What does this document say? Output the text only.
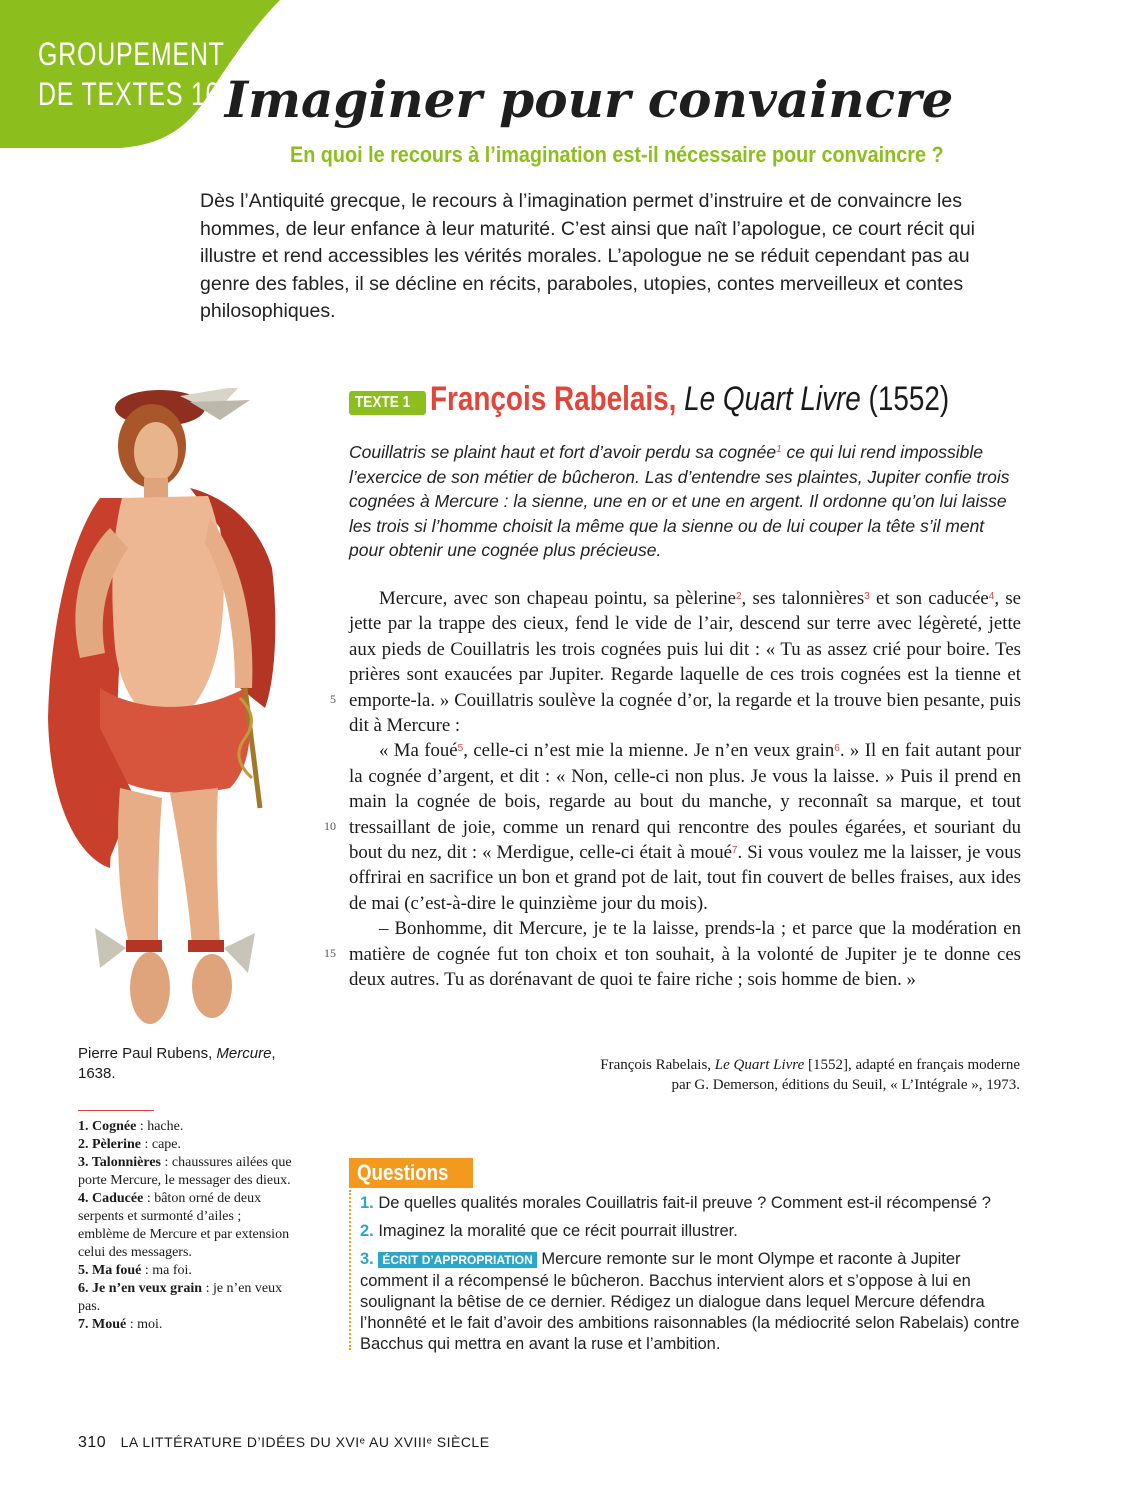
GROUPEMENT
DE TEXTES 10 Imaginer pour convaincre
En quoi le recours à l’imagination est-il nécessaire pour convaincre ?
Dès l’Antiquité grecque, le recours à l’imagination permet d’instruire et de convaincre les hommes, de leur enfance à leur maturité. C’est ainsi que naît l’apologue, ce court récit qui illustre et rend accessibles les vérités morales. L’apologue ne se réduit cependant pas au genre des fables, il se décline en récits, paraboles, utopies, contes merveilleux et contes philosophiques.
Pierre Paul Rubens, Mercure, 1638.

1. Cognée : hache.

2. Pèlerine : cape.

3. Talonnières : chaussures ailées que porte Mercure, le messager des dieux.

4. Caducée : bâton orné de deux serpents et surmonté d’ailes ; emblème de Mercure et par extension celui des messagers.

5. Ma foué : ma foi.

6. Je n’en veux grain : je n’en veux pas.

7. Moué : moi.

TEXTE 1 François Rabelais, Le Quart Livre (1552)
Couillatris se plaint haut et fort d’avoir perdu sa cognée$^1$ ce qui lui rend impossible l’exercice de son métier de bûcheron. Las d’entendre ses plaintes, Jupiter confie trois cognées à Mercure : la sienne, une en or et une en argent. Il ordonne qu’on lui laisse les trois si l’homme choisit la même que la sienne ou de lui couper la tête s’il ment pour obtenir une cognée plus précieuse.

Mercure, avec son chapeau pointu, sa pèlerine$^2$, ses talonnières$^3$ et son caducée$^4$, se jette par la trappe des cieux, fend le vide de l’air, descend sur terre avec légèreté, jette aux pieds de Couillatris les trois cognées puis lui dit : « Tu as assez crié pour boire. Tes prières sont exaucées par Jupiter. Regarde laquelle de ces trois cognées est la tienne et emporte-la. » Couillatris soulève la cognée d’or, la regarde et la trouve bien pesante, puis dit à Mercure :

« Ma foué$^5$, celle-ci n’est mie la mienne. Je n’en veux grain$^6$. » Il en fait autant pour la cognée d’argent, et dit : « Non, celle-ci non plus. Je vous la laisse. » Puis il prend en main la cognée de bois, regarde au bout du manche, y reconnaît sa marque, et tout tressaillant de joie, comme un renard qui rencontre des poules égarées, et souriant du bout du nez, dit : « Merdigue, celle-ci était à moué$^7$. Si vous voulez me la laisser, je vous offrirai en sacrifice un bon et grand pot de lait, tout fin couvert de belles fraises, aux ides de mai (c’est-à-dire le quinzième jour du mois).

– Bonhomme, dit Mercure, je te la laisse, prends-la ; et parce que la modération en matière de cognée fut ton choix et ton souhait, à la volonté de Jupiter je te donne ces deux autres. Tu as dorénavant de quoi te faire riche ; sois homme de bien. »

5
10
15
François Rabelais, Le Quart Livre [1552], adapté en français moderne
par G. Demerson, éditions du Seuil, « L’Intégrale », 1973.
Questions
1. De quelles qualités morales Couillatris fait-il preuve ? Comment est-il récompensé ?
2. Imaginez la moralité que ce récit pourrait illustrer.
3. ÉCRIT D’APPROPRIATION Mercure remonte sur le mont Olympe et raconte à Jupiter comment il a récompensé le bûcheron. Bacchus intervient alors et s’oppose à lui en soulignant la bêtise de ce dernier. Rédigez un dialogue dans lequel Mercure défendra l’honnêté et le fait d’avoir des ambitions raisonnables (la médiocrité selon Rabelais) contre Bacchus qui mettra en avant la ruse et l’ambition.
310 LA LITTÉRATURE D’IDÉES DU XVIᵉ AU XVIIIᵉ SIÈCLE
